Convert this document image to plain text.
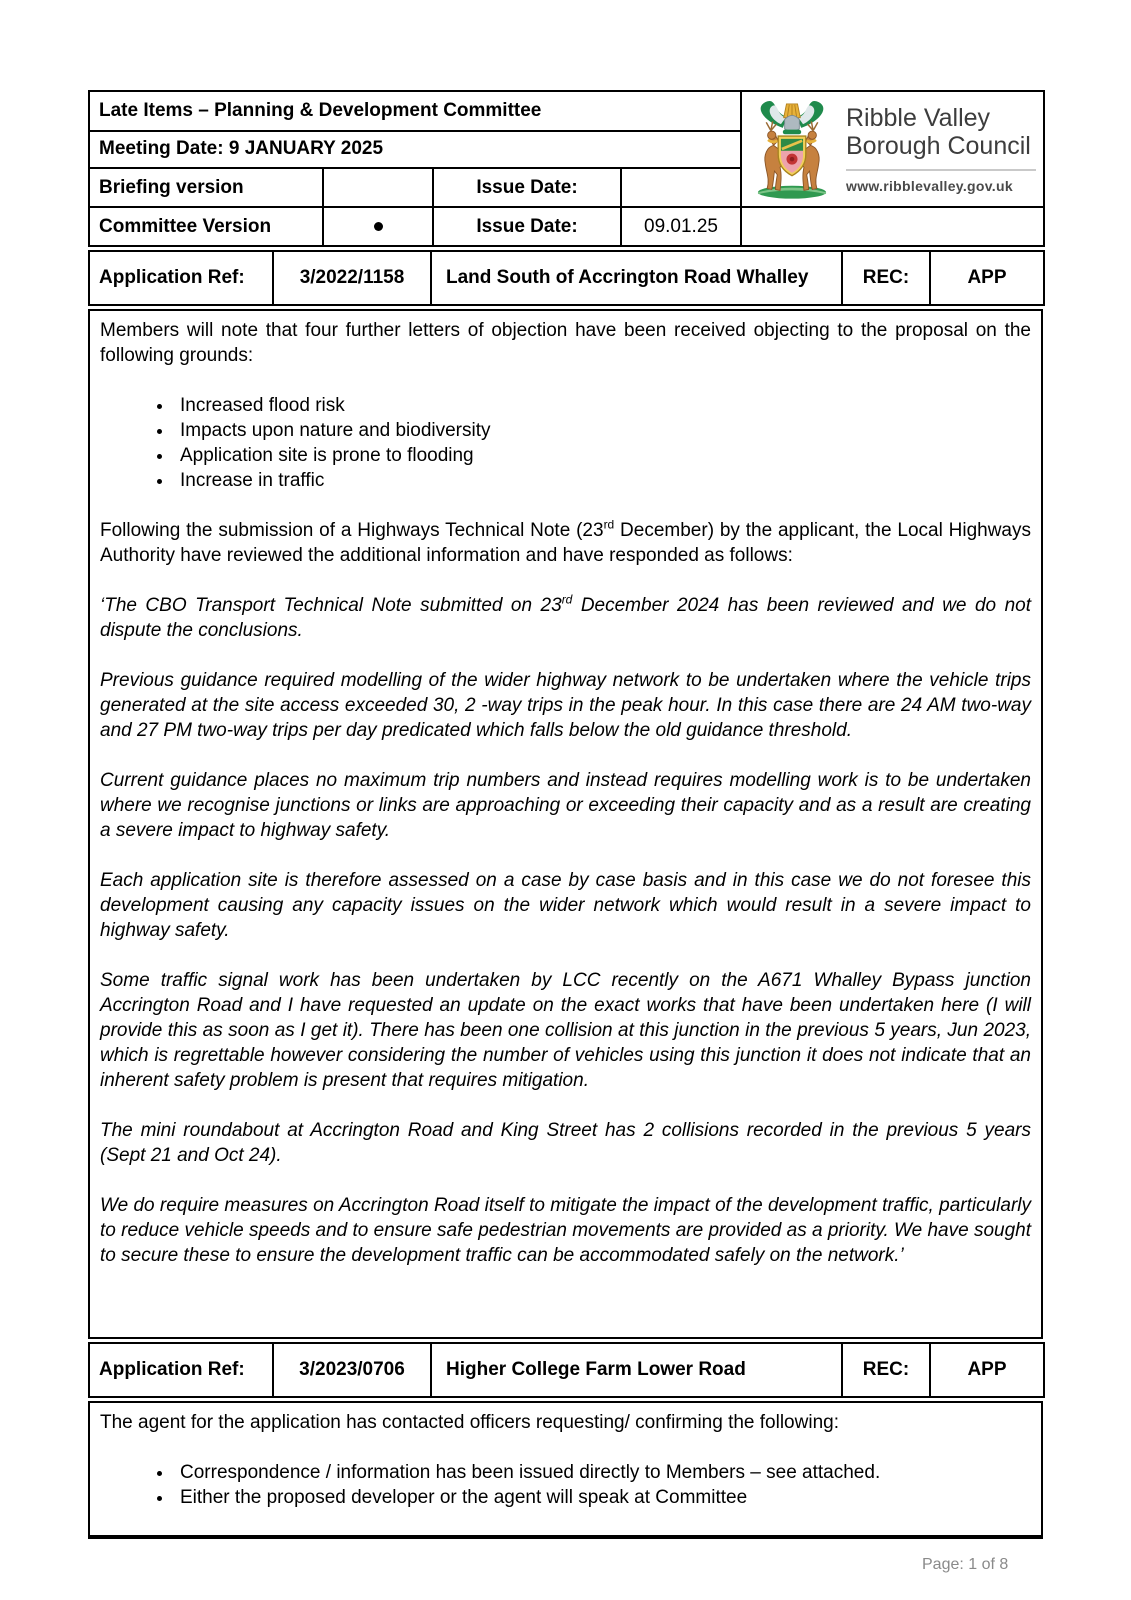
Late Items – Planning & Development Committee				Ribble Valley
Borough Council
www.ribblevalley.gov.uk

Meeting Date: 9 JANUARY 2025				
Briefing version		Issue Date:		
Committee Version		Issue Date:	09.01.25	
Application Ref:	3/2022/1158	Land South of Accrington Road Whalley	REC:	APP

Members will note that four further letters of objection have been received objecting to the proposal on the following grounds:

• Increased flood risk
• Impacts upon nature and biodiversity
• Application site is prone to flooding
• Increase in traffic

Following the submission of a Highways Technical Note (23rd December) by the applicant, the Local Highways Authority have reviewed the additional information and have responded as follows:

‘The CBO Transport Technical Note submitted on 23rd December 2024 has been reviewed and we do not dispute the conclusions.

Previous guidance required modelling of the wider highway network to be undertaken where the vehicle trips generated at the site access exceeded 30, 2 -way trips in the peak hour. In this case there are 24 AM two-way and 27 PM two-way trips per day predicated which falls below the old guidance threshold.

Current guidance places no maximum trip numbers and instead requires modelling work is to be undertaken where we recognise junctions or links are approaching or exceeding their capacity and as a result are creating a severe impact to highway safety.

Each application site is therefore assessed on a case by case basis and in this case we do not foresee this development causing any capacity issues on the wider network which would result in a severe impact to highway safety.

Some traffic signal work has been undertaken by LCC recently on the A671 Whalley Bypass junction Accrington Road and I have requested an update on the exact works that have been undertaken here (I will provide this as soon as I get it). There has been one collision at this junction in the previous 5 years, Jun 2023, which is regrettable however considering the number of vehicles using this junction it does not indicate that an inherent safety problem is present that requires mitigation.

The mini roundabout at Accrington Road and King Street has 2 collisions recorded in the previous 5 years (Sept 21 and Oct 24).

We do require measures on Accrington Road itself to mitigate the impact of the development traffic, particularly to reduce vehicle speeds and to ensure safe pedestrian movements are provided as a priority. We have sought to secure these to ensure the development traffic can be accommodated safely on the network.’

Application Ref:	3/2023/0706	Higher College Farm Lower Road	REC:	APP

The agent for the application has contacted officers requesting/ confirming the following:

• Correspondence / information has been issued directly to Members – see attached.
• Either the proposed developer or the agent will speak at Committee
Page: 1 of 8
